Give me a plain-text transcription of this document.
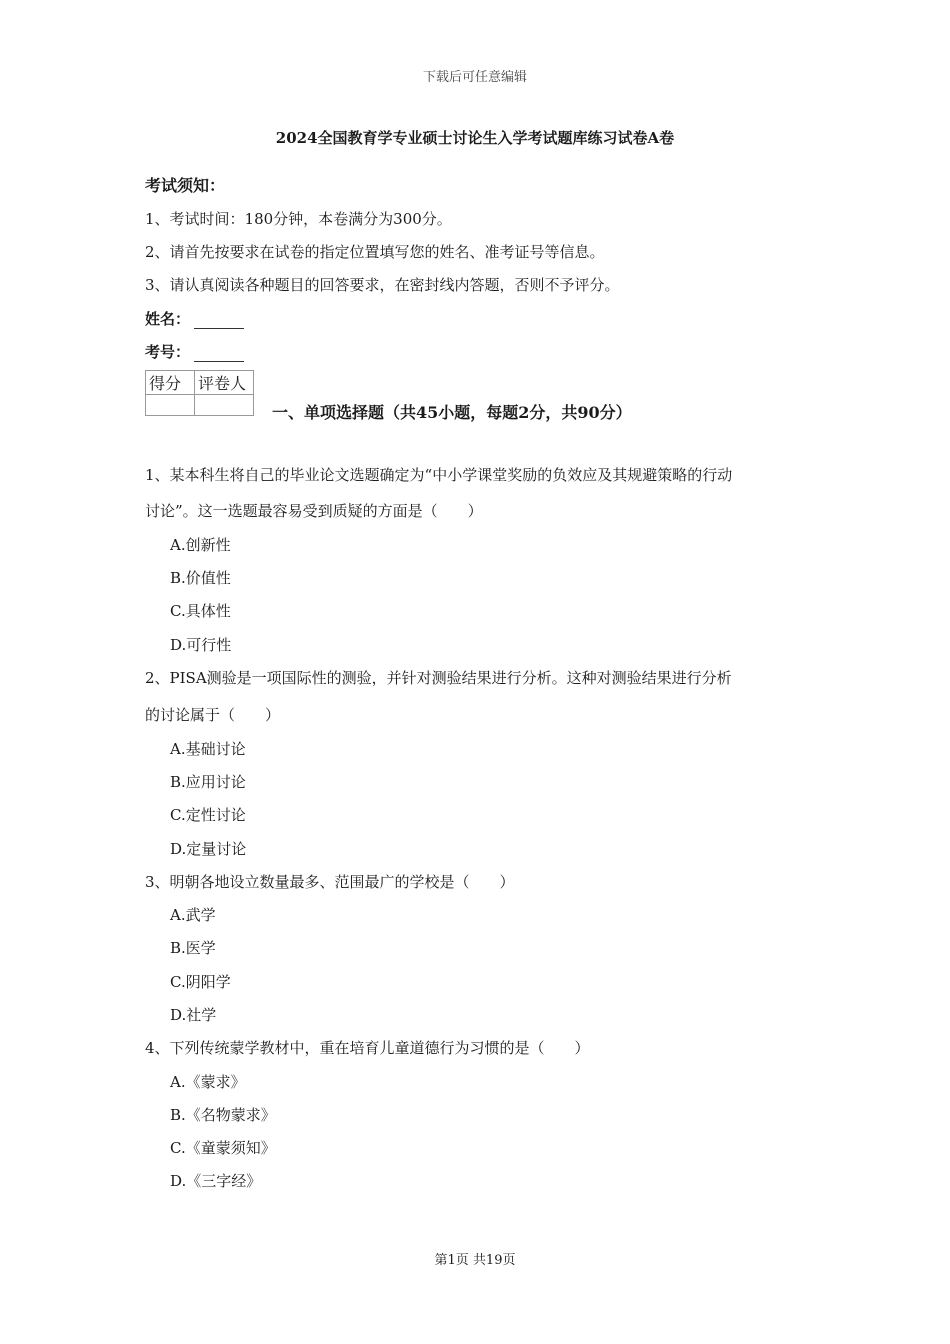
下载后可任意编辑
2024全国教育学专业硕士讨论生入学考试题库练习试卷A卷
考试须知：
1、考试时间：180分钟，本卷满分为300分。
2、请首先按要求在试卷的指定位置填写您的姓名、准考证号等信息。
3、请认真阅读各种题目的回答要求，在密封线内答题，否则不予评分。
姓名：
考号：
得分	评卷人

一、单项选择题（共45小题，每题2分，共90分）
1、某本科生将自己的毕业论文选题确定为“中小学课堂奖励的负效应及其规避策略的行动
讨论”。这一选题最容易受到质疑的方面是（　　）
A.创新性
B.价值性
C.具体性
D.可行性
2、PISA测验是一项国际性的测验，并针对测验结果进行分析。这种对测验结果进行分析
的讨论属于（　　）
A.基础讨论
B.应用讨论
C.定性讨论
D.定量讨论
3、明朝各地设立数量最多、范围最广的学校是（　　）
A.武学
B.医学
C.阴阳学
D.社学
4、下列传统蒙学教材中，重在培育儿童道德行为习惯的是（　　）
A.《蒙求》
B.《名物蒙求》
C.《童蒙须知》
D.《三字经》
第1页 共19页
